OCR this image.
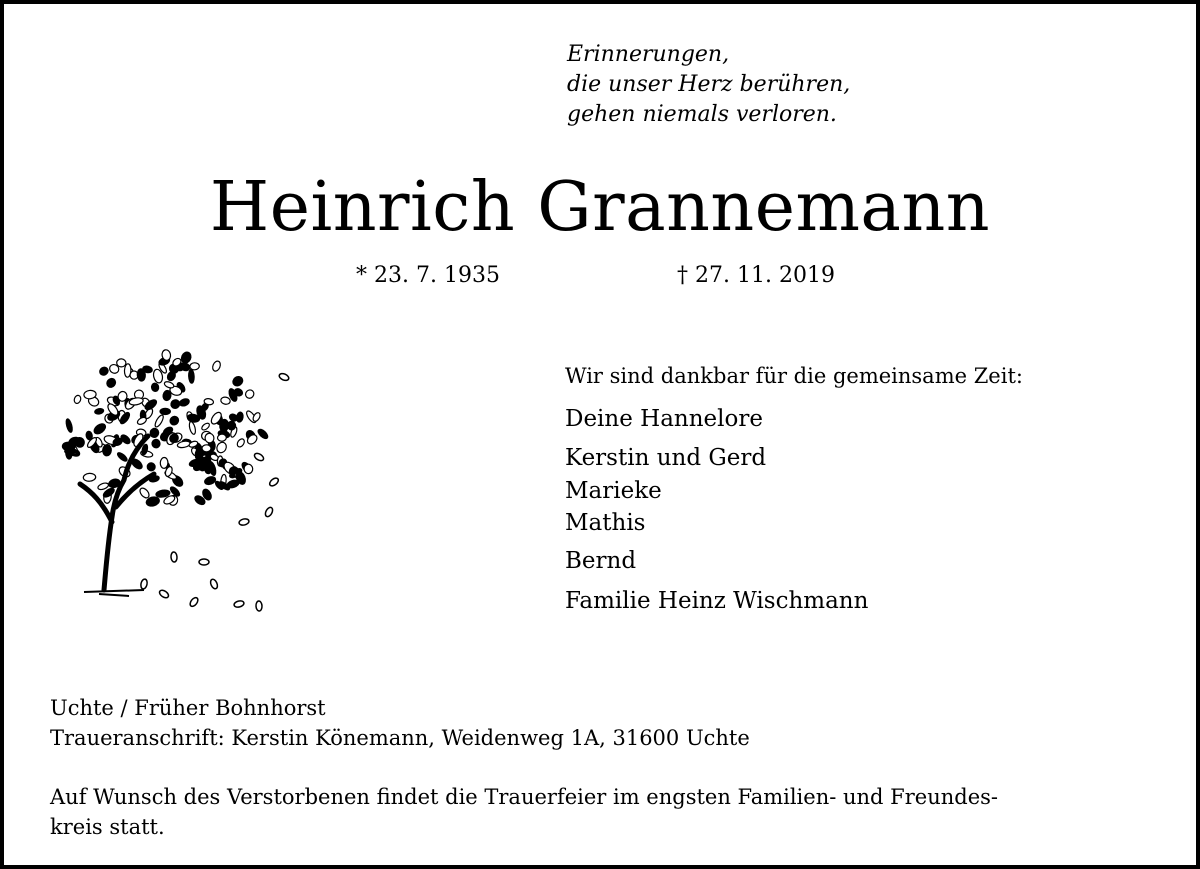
Erinnerungen,
die unser Herz berühren,
gehen niemals verloren.
Heinrich Grannemann
* 23. 7. 1935	† 27. 11. 2019
Wir sind dankbar für die gemeinsame Zeit:
Deine Hannelore
Kerstin und Gerd
Marieke
Mathis
Bernd
Familie Heinz Wischmann
Uchte / Früher Bohnhorst
Traueranschrift: Kerstin Könemann, Weidenweg 1A, 31600 Uchte
Auf Wunsch des Verstorbenen findet die Trauerfeier im engsten Familien- und Freundes-
kreis statt.
